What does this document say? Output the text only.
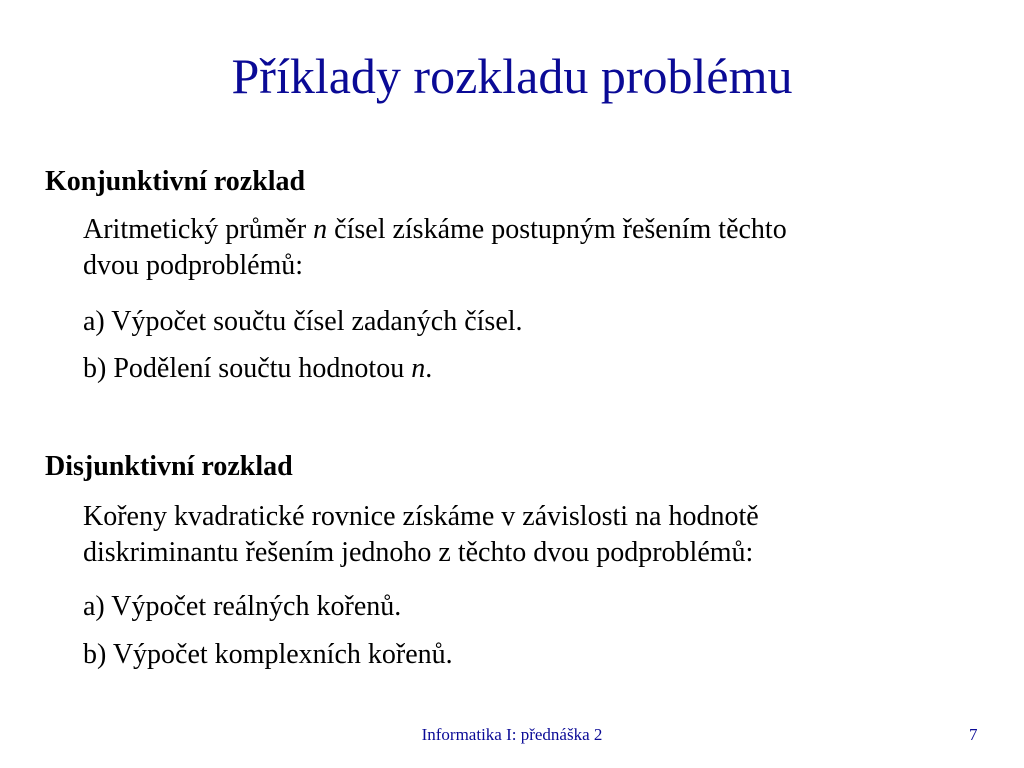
Příklady rozkladu problému
Konjunktivní rozklad
Aritmetický průměr n čísel získáme postupným řešením těchto
dvou podproblémů:
a) Výpočet součtu čísel zadaných čísel.
b) Podělení součtu hodnotou n.
Disjunktivní rozklad
Kořeny kvadratické rovnice získáme v závislosti na hodnotě
diskriminantu řešením jednoho z těchto dvou podproblémů:
a) Výpočet reálných kořenů.
b) Výpočet komplexních kořenů.
Informatika I: přednáška 2	7
